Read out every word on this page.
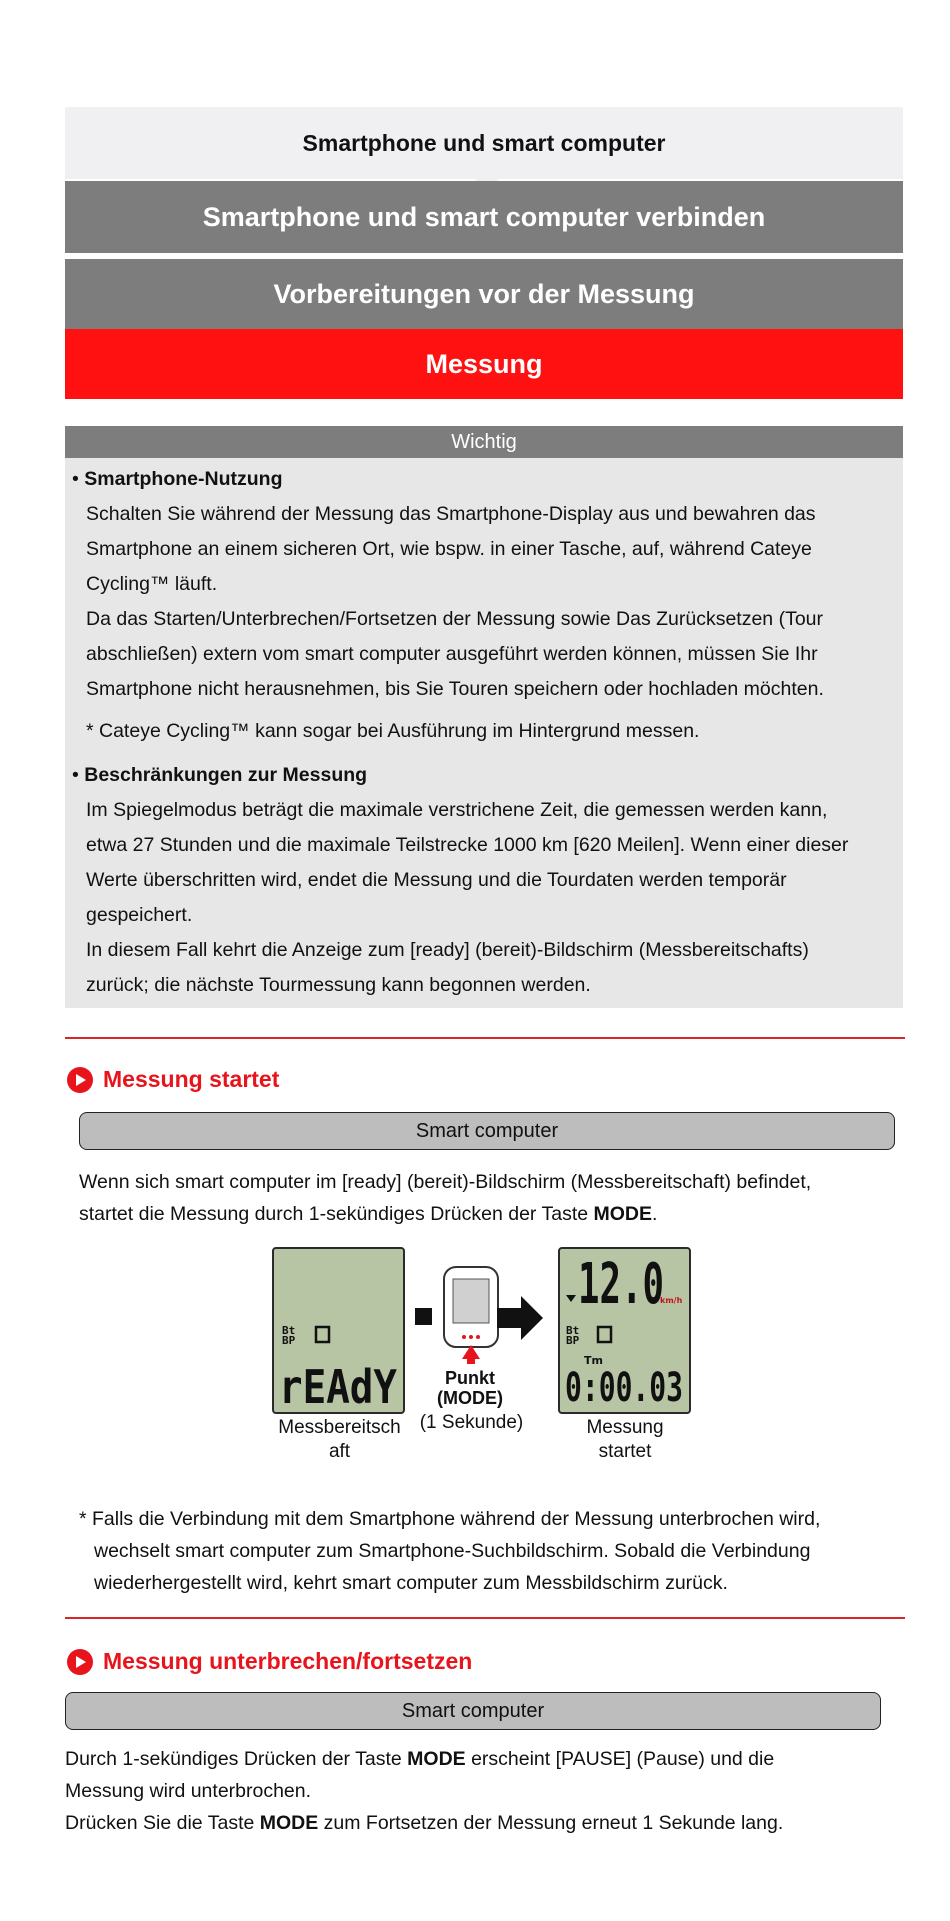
Smartphone und smart computer
Smartphone und smart computer verbinden
Vorbereitungen vor der Messung
Messung
Wichtig
• Smartphone-Nutzung
Schalten Sie während der Messung das Smartphone-Display aus und bewahren das
Smartphone an einem sicheren Ort, wie bspw. in einer Tasche, auf, während Cateye
Cycling™ läuft.
Da das Starten/Unterbrechen/Fortsetzen der Messung sowie Das Zurücksetzen (Tour
abschließen) extern vom smart computer ausgeführt werden können, müssen Sie Ihr
Smartphone nicht herausnehmen, bis Sie Touren speichern oder hochladen möchten.
* Cateye Cycling™ kann sogar bei Ausführung im Hintergrund messen.
• Beschränkungen zur Messung
Im Spiegelmodus beträgt die maximale verstrichene Zeit, die gemessen werden kann,
etwa 27 Stunden und die maximale Teilstrecke 1000 km [620 Meilen]. Wenn einer dieser
Werte überschritten wird, endet die Messung und die Tourdaten werden temporär
gespeichert.
In diesem Fall kehrt die Anzeige zum [ready] (bereit)-Bildschirm (Messbereitschafts)
zurück; die nächste Tourmessung kann begonnen werden.
Messung startet
Smart computer
Wenn sich smart computer im [ready] (bereit)-Bildschirm (Messbereitschaft) befindet,
startet die Messung durch 1-sekündiges Drücken der Taste MODE.
Bt
BP
rEAdY	Punkt
(MODE)
(1 Sekunde)
12.0
km/h
Bt
BP
Tm
0:00.03
Messbereitsch
aft
Messung
startet
* Falls die Verbindung mit dem Smartphone während der Messung unterbrochen wird,
wechselt smart computer zum Smartphone-Suchbildschirm. Sobald die Verbindung
wiederhergestellt wird, kehrt smart computer zum Messbildschirm zurück.
Messung unterbrechen/fortsetzen
Smart computer
Durch 1-sekündiges Drücken der Taste MODE erscheint [PAUSE] (Pause) und die
Messung wird unterbrochen.
Drücken Sie die Taste MODE zum Fortsetzen der Messung erneut 1 Sekunde lang.
